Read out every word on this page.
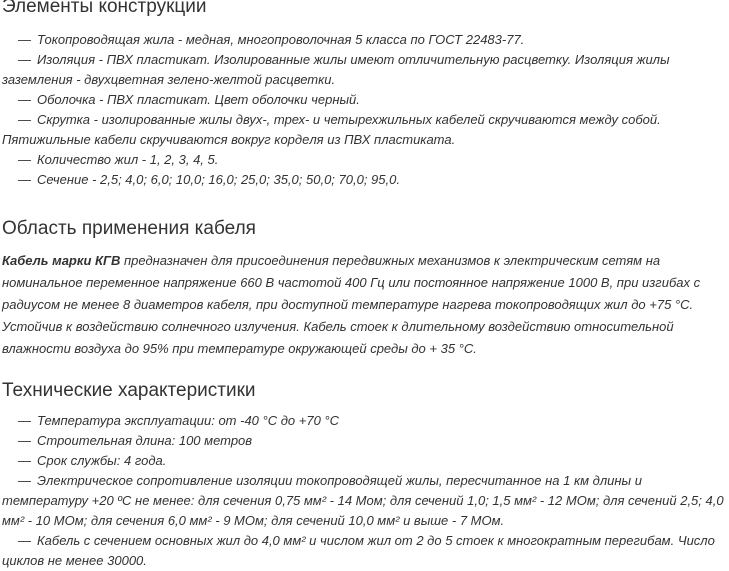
Элементы конструкции
— Токопроводящая жила - медная, многопроволочная 5 класса по ГОСТ 22483-77.
— Изоляция - ПВХ пластикат. Изолированные жилы имеют отличительную расцветку. Изоляция жилы заземления - двухцветная зелено-желтой расцветки.
— Оболочка - ПВХ пластикат. Цвет оболочки черный.
— Скрутка - изолированные жилы двух-, трех- и четырехжильных кабелей скручиваются между собой. Пятижильные кабели скручиваются вокруг кордeля из ПВХ пластиката.
— Количество жил - 1, 2, 3, 4, 5.
— Сечение - 2,5; 4,0; 6,0; 10,0; 16,0; 25,0; 35,0; 50,0; 70,0; 95,0.
Область применения кабеля

Кабель марки КГВ предназначен для присоединения передвижных механизмов к электрическим сетям на номинальное переменное напряжение 660 В частотой 400 Гц или постоянное напряжение 1000 В, при изгибах с радиусом не менее 8 диаметров кабеля, при доступной температуре нагрева токопроводящих жил до +75 °С. Устойчив к воздействию солнечного излучения. Кабель стоек к длительному воздействию относительной влажности воздуха до 95% при температуре окружающей среды до + 35 °С.

Технические характеристики
— Температура эксплуатации: от -40 °С до +70 °С
— Строительная длина: 100 метров
— Срок службы: 4 года.
— Электрическое сопротивление изоляции токопроводящей жилы, пересчитанное на 1 км длины и температуру +20 ºС не менее: для сечения 0,75 мм² - 14 Мом; для сечений 1,0; 1,5 мм² - 12 МОм; для сечений 2,5; 4,0 мм² - 10 МОм; для сечения 6,0 мм² - 9 МОм; для сечений 10,0 мм² и выше - 7 МОм.
— Кабель с сечением основных жил до 4,0 мм² и числом жил от 2 до 5 стоек к многократным перегибам. Число циклов не менее 30000.
